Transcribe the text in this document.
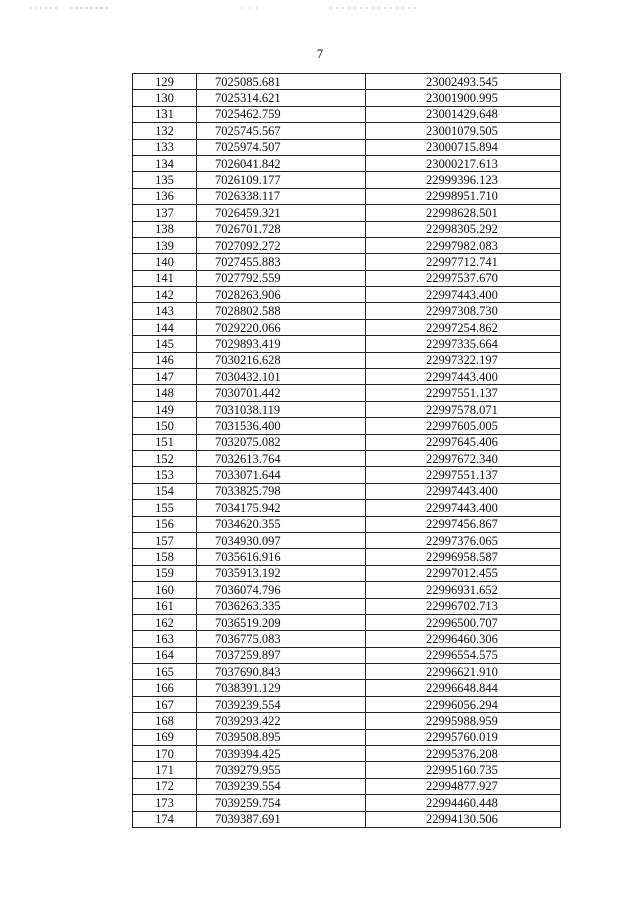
7
129	7025085.681	23002493.545
130	7025314.621	23001900.995
131	7025462.759	23001429.648
132	7025745.567	23001079.505
133	7025974.507	23000715.894
134	7026041.842	23000217.613
135	7026109.177	22999396.123
136	7026338.117	22998951.710
137	7026459.321	22998628.501
138	7026701.728	22998305.292
139	7027092.272	22997982.083
140	7027455.883	22997712.741
141	7027792.559	22997537.670
142	7028263.906	22997443.400
143	7028802.588	22997308.730
144	7029220.066	22997254.862
145	7029893.419	22997335.664
146	7030216.628	22997322.197
147	7030432.101	22997443.400
148	7030701.442	22997551.137
149	7031038.119	22997578.071
150	7031536.400	22997605.005
151	7032075.082	22997645.406
152	7032613.764	22997672.340
153	7033071.644	22997551.137
154	7033825.798	22997443.400
155	7034175.942	22997443.400
156	7034620.355	22997456.867
157	7034930.097	22997376.065
158	7035616.916	22996958.587
159	7035913.192	22997012.455
160	7036074.796	22996931.652
161	7036263.335	22996702.713
162	7036519.209	22996500.707
163	7036775.083	22996460.306
164	7037259.897	22996554.575
165	7037690.843	22996621.910
166	7038391.129	22996648.844
167	7039239.554	22996056.294
168	7039293.422	22995988.959
169	7039508.895	22995760.019
170	7039394.425	22995376.208
171	7039279.955	22995160.735
172	7039239.554	22994877.927
173	7039259.754	22994460.448
174	7039387.691	22994130.506
